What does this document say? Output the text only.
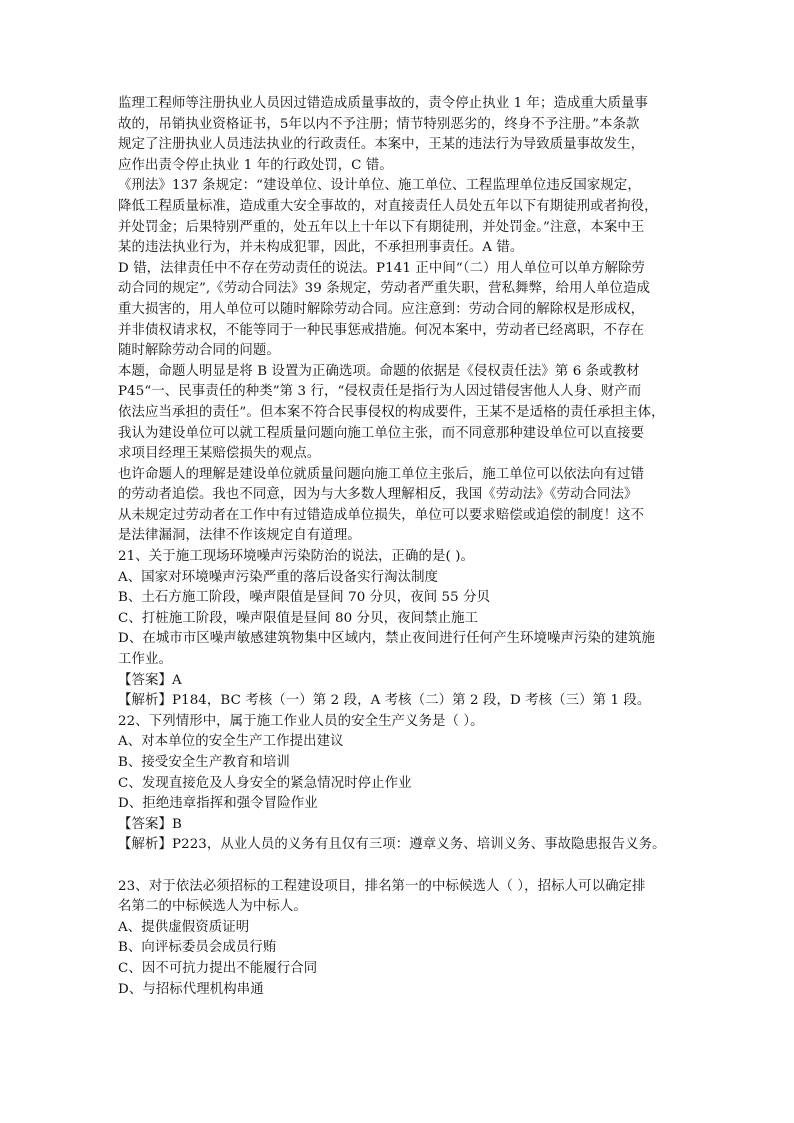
监理工程师等注册执业人员因过错造成质量事故的，责令停止执业 1 年；造成重大质量事
故的，吊销执业资格证书，5年以内不予注册；情节特别恶劣的，终身不予注册。”本条款
规定了注册执业人员违法执业的行政责任。本案中，王某的违法行为导致质量事故发生，
应作出责令停止执业 1 年的行政处罚，C 错。
《刑法》137 条规定：“建设单位、设计单位、施工单位、工程监理单位违反国家规定，
降低工程质量标准，造成重大安全事故的，对直接责任人员处五年以下有期徒刑或者拘役，
并处罚金；后果特别严重的，处五年以上十年以下有期徒刑，并处罚金。”注意，本案中王
某的违法执业行为，并未构成犯罪，因此，不承担刑事责任。A 错。
D 错，法律责任中不存在劳动责任的说法。P141 正中间“（二）用人单位可以单方解除劳
动合同的规定”,《劳动合同法》39 条规定，劳动者严重失职，营私舞弊，给用人单位造成
重大损害的，用人单位可以随时解除劳动合同。应注意到：劳动合同的解除权是形成权，
并非债权请求权，不能等同于一种民事惩戒措施。何况本案中，劳动者已经离职，不存在
随时解除劳动合同的问题。
本题，命题人明显是将 B 设置为正确选项。命题的依据是《侵权责任法》第 6 条或教材
P45“一、民事责任的种类”第 3 行，“侵权责任是指行为人因过错侵害他人人身、财产而
依法应当承担的责任”。但本案不符合民事侵权的构成要件，王某不是适格的责任承担主体，
我认为建设单位可以就工程质量问题向施工单位主张，而不同意那种建设单位可以直接要
求项目经理王某赔偿损失的观点。
也许命题人的理解是建设单位就质量问题向施工单位主张后，施工单位可以依法向有过错
的劳动者追偿。我也不同意，因为与大多数人理解相反，我国《劳动法》《劳动合同法》
从未规定过劳动者在工作中有过错造成单位损失，单位可以要求赔偿或追偿的制度！这不
是法律漏洞，法律不作该规定自有道理。
21、关于施工现场环境噪声污染防治的说法，正确的是( )。
A、国家对环境噪声污染严重的落后设备实行淘汰制度
B、土石方施工阶段，噪声限值是昼间 70 分贝，夜间 55 分贝
C、打桩施工阶段，噪声限值是昼间 80 分贝，夜间禁止施工
D、在城市市区噪声敏感建筑物集中区域内，禁止夜间进行任何产生环境噪声污染的建筑施
工作业。
【答案】A
【解析】P184，BC 考核（一）第 2 段，A 考核（二）第 2 段，D 考核（三）第 1 段。
22、下列情形中，属于施工作业人员的安全生产义务是（ ）。
A、对本单位的安全生产工作提出建议
B、接受安全生产教育和培训
C、发现直接危及人身安全的紧急情况时停止作业
D、拒绝违章指挥和强令冒险作业
【答案】B
【解析】P223，从业人员的义务有且仅有三项：遵章义务、培训义务、事故隐患报告义务。
23、对于依法必须招标的工程建设项目，排名第一的中标候选人（ ），招标人可以确定排
名第二的中标候选人为中标人。
A、提供虚假资质证明
B、向评标委员会成员行贿
C、因不可抗力提出不能履行合同
D、与招标代理机构串通
